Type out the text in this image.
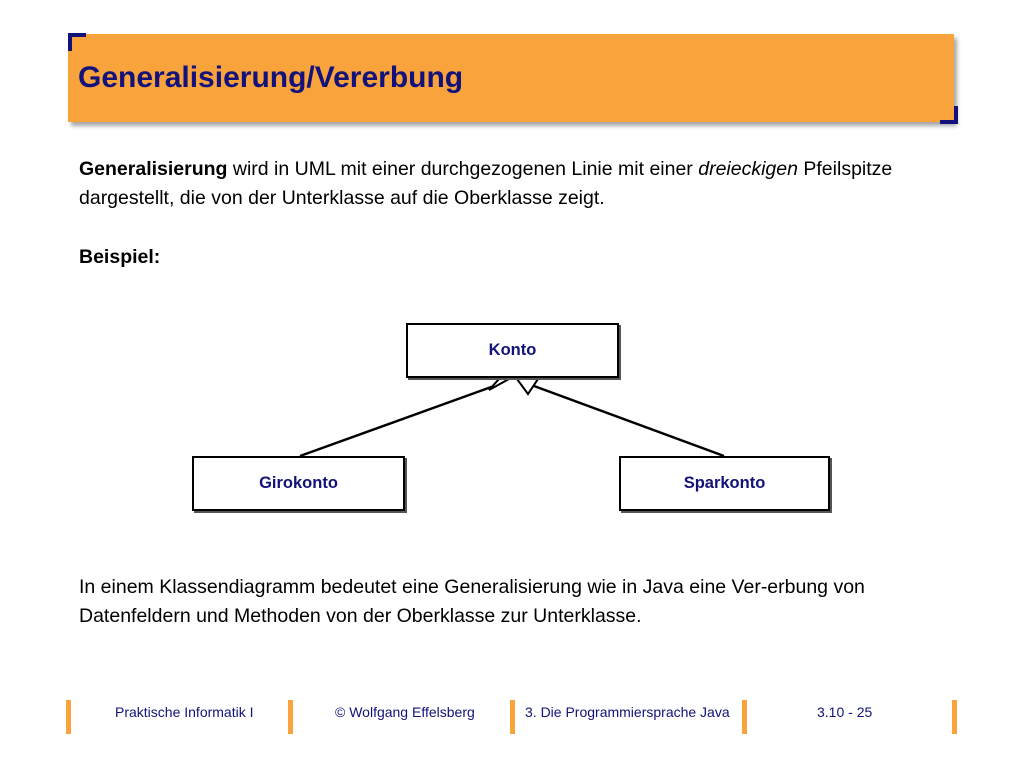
Generalisierung/Vererbung

Generalisierung wird in UML mit einer durchgezogenen Linie mit einer dreieckigen Pfeilspitze dargestellt, die von der Unterklasse auf die Oberklasse zeigt.

Beispiel:

Konto
Girokonto	Sparkonto

In einem Klassendiagramm bedeutet eine Generalisierung wie in Java eine Ver-erbung von Datenfeldern und Methoden von der Oberklasse zur Unterklasse.

Praktische Informatik I	© Wolfgang Effelsberg	3. Die Programmiersprache Java	3.10 - 25
